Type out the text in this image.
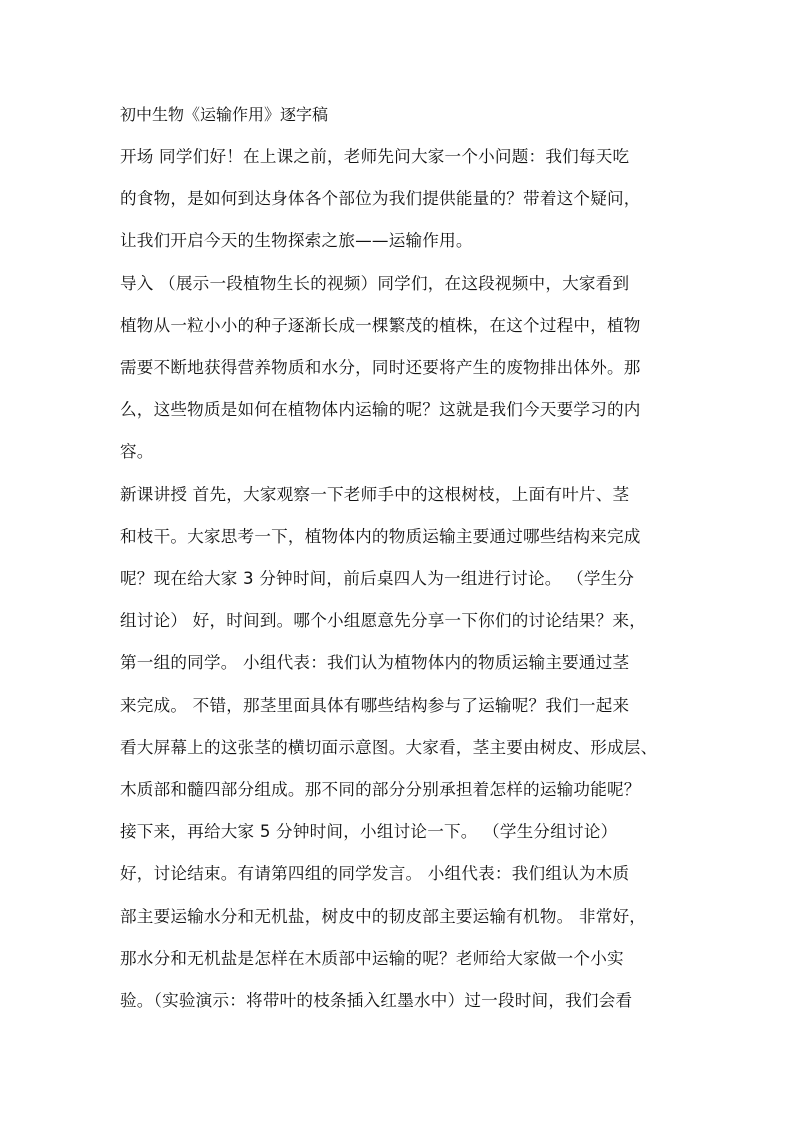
初中生物《运输作用》逐字稿
开场 同学们好！在上课之前，老师先问大家一个小问题：我们每天吃
的食物，是如何到达身体各个部位为我们提供能量的？带着这个疑问，
让我们开启今天的生物探索之旅——运输作用。
导入 （展示一段植物生长的视频）同学们，在这段视频中，大家看到
植物从一粒小小的种子逐渐长成一棵繁茂的植株，在这个过程中，植物
需要不断地获得营养物质和水分，同时还要将产生的废物排出体外。那
么，这些物质是如何在植物体内运输的呢？这就是我们今天要学习的内
容。
新课讲授 首先，大家观察一下老师手中的这根树枝，上面有叶片、茎
和枝干。大家思考一下，植物体内的物质运输主要通过哪些结构来完成
呢？现在给大家 3 分钟时间，前后桌四人为一组进行讨论。 （学生分
组讨论） 好，时间到。哪个小组愿意先分享一下你们的讨论结果？来，
第一组的同学。 小组代表：我们认为植物体内的物质运输主要通过茎
来完成。 不错，那茎里面具体有哪些结构参与了运输呢？我们一起来
看大屏幕上的这张茎的横切面示意图。大家看，茎主要由树皮、形成层、
木质部和髓四部分组成。那不同的部分分别承担着怎样的运输功能呢？
接下来，再给大家 5 分钟时间，小组讨论一下。 （学生分组讨论）
好，讨论结束。有请第四组的同学发言。 小组代表：我们组认为木质
部主要运输水分和无机盐，树皮中的韧皮部主要运输有机物。 非常好，
那水分和无机盐是怎样在木质部中运输的呢？老师给大家做一个小实
验。（实验演示：将带叶的枝条插入红墨水中）过一段时间，我们会看
